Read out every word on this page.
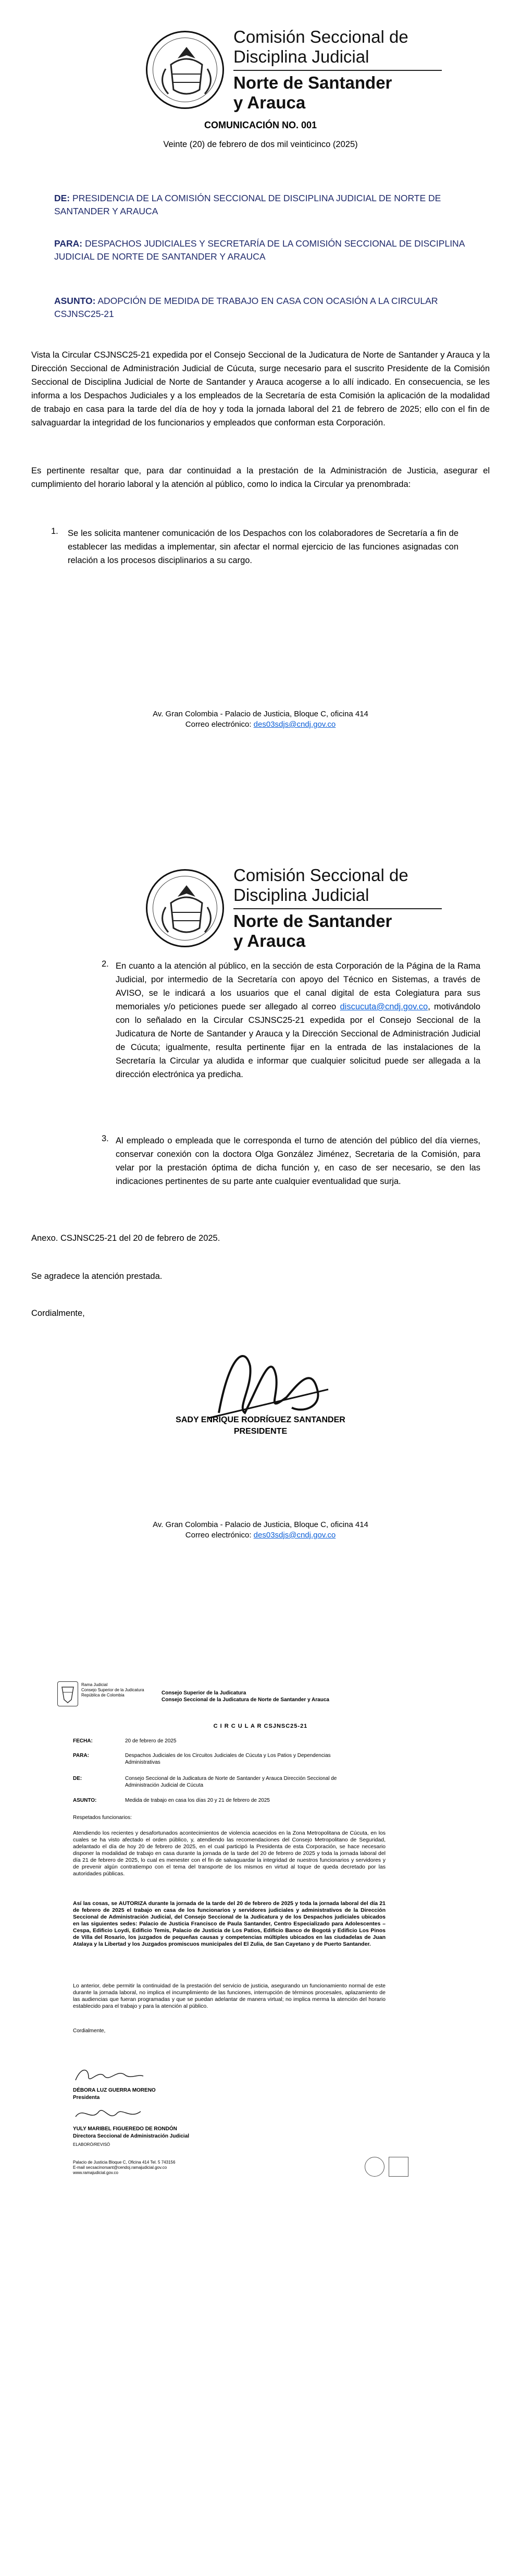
Comisión Seccional de
Disciplina Judicial
Norte de Santander
y Arauca
COMUNICACIÓN NO. 001
Veinte (20) de febrero de dos mil veinticinco (2025)
DE: PRESIDENCIA DE LA COMISIÓN SECCIONAL DE DISCIPLINA JUDICIAL DE NORTE DE SANTANDER Y ARAUCA
PARA: DESPACHOS JUDICIALES Y SECRETARÍA DE LA COMISIÓN SECCIONAL DE DISCIPLINA JUDICIAL DE NORTE DE SANTANDER Y ARAUCA
ASUNTO: ADOPCIÓN DE MEDIDA DE TRABAJO EN CASA CON OCASIÓN A LA CIRCULAR CSJNSC25-21
Vista la Circular CSJNSC25-21 expedida por el Consejo Seccional de la Judicatura de Norte de Santander y Arauca y la Dirección Seccional de Administración Judicial de Cúcuta, surge necesario para el suscrito Presidente de la Comisión Seccional de Disciplina Judicial de Norte de Santander y Arauca acogerse a lo allí indicado. En consecuencia, se les informa a los Despachos Judiciales y a los empleados de la Secretaría de esta Comisión la aplicación de la modalidad de trabajo en casa para la tarde del día de hoy y toda la jornada laboral del 21 de febrero de 2025; ello con el fin de salvaguardar la integridad de los funcionarios y empleados que conforman esta Corporación.
Es pertinente resaltar que, para dar continuidad a la prestación de la Administración de Justicia, asegurar el cumplimiento del horario laboral y la atención al público, como lo indica la Circular ya prenombrada:
1. Se les solicita mantener comunicación de los Despachos con los colaboradores de Secretaría a fin de establecer las medidas a implementar, sin afectar el normal ejercicio de las funciones asignadas con relación a los procesos disciplinarios a su cargo.
Av. Gran Colombia - Palacio de Justicia, Bloque C, oficina 414
Correo electrónico: des03sdjs@cndj.gov.co
Comisión Seccional de
Disciplina Judicial
Norte de Santander
y Arauca
2. En cuanto a la atención al público, en la sección de esta Corporación de la Página de la Rama Judicial, por intermedio de la Secretaría con apoyo del Técnico en Sistemas, a través de AVISO, se le indicará a los usuarios que el canal digital de esta Colegiatura para sus memoriales y/o peticiones puede ser allegado al correo discucuta@cndj.gov.co, motivándolo con lo señalado en la Circular CSJNSC25-21 expedida por el Consejo Seccional de la Judicatura de Norte de Santander y Arauca y la Dirección Seccional de Administración Judicial de Cúcuta; igualmente, resulta pertinente fijar en la entrada de las instalaciones de la Secretaría la Circular ya aludida e informar que cualquier solicitud puede ser allegada a la dirección electrónica ya predicha.
3. Al empleado o empleada que le corresponda el turno de atención del público del día viernes, conservar conexión con la doctora Olga González Jiménez, Secretaria de la Comisión, para velar por la prestación óptima de dicha función y, en caso de ser necesario, se den las indicaciones pertinentes de su parte ante cualquier eventualidad que surja.
Anexo. CSJNSC25-21 del 20 de febrero de 2025.
Se agradece la atención prestada.
Cordialmente,
SADY ENRIQUE RODRÍGUEZ SANTANDER
PRESIDENTE
Av. Gran Colombia - Palacio de Justicia, Bloque C, oficina 414
Correo electrónico: des03sdjs@cndj.gov.co
Rama Judicial
Consejo Superior de la Judicatura
República de Colombia	Consejo Superior de la Judicatura
Consejo Seccional de la Judicatura de Norte de Santander y Arauca
C I R C U L A R CSJNSC25-21
FECHA:	20 de febrero de 2025
PARA:	Despachos Judiciales de los Circuitos Judiciales de Cúcuta y Los Patios y Dependencias Administrativas
DE:	Consejo Seccional de la Judicatura de Norte de Santander y Arauca Dirección Seccional de Administración Judicial de Cúcuta
ASUNTO:	Medida de trabajo en casa los días 20 y 21 de febrero de 2025
Respetados funcionarios:
Atendiendo los recientes y desafortunados acontecimientos de violencia acaecidos en la Zona Metropolitana de Cúcuta, en los cuales se ha visto afectado el orden público, y, atendiendo las recomendaciones del Consejo Metropolitano de Seguridad, adelantado el día de hoy 20 de febrero de 2025, en el cual participó la Presidenta de esta Corporación, se hace necesario disponer la modalidad de trabajo en casa durante la jornada de la tarde del 20 de febrero de 2025 y toda la jornada laboral del día 21 de febrero de 2025, lo cual es menester con el fin de salvaguardar la integridad de nuestros funcionarios y servidores y de prevenir algún contratiempo con el tema del transporte de los mismos en virtud al toque de queda decretado por las autoridades públicas.
Así las cosas, se AUTORIZA durante la jornada de la tarde del 20 de febrero de 2025 y toda la jornada laboral del día 21 de febrero de 2025 el trabajo en casa de los funcionarios y servidores judiciales y administrativos de la Dirección Seccional de Administración Judicial, del Consejo Seccional de la Judicatura y de los Despachos judiciales ubicados en las siguientes sedes: Palacio de Justicia Francisco de Paula Santander, Centro Especializado para Adolescentes – Cespa, Edificio Loydi, Edificio Temis, Palacio de Justicia de Los Patios, Edificio Banco de Bogotá y Edificio Los Pinos de Villa del Rosario, los juzgados de pequeñas causas y competencias múltiples ubicados en las ciudadelas de Juan Atalaya y la Libertad y los Juzgados promiscuos municipales del El Zulia, de San Cayetano y de Puerto Santander.
Lo anterior, debe permitir la continuidad de la prestación del servicio de justicia, asegurando un funcionamiento normal de este durante la jornada laboral, no implica el incumplimiento de las funciones, interrupción de términos procesales, aplazamiento de las audiencias que fueran programadas y que se puedan adelantar de manera virtual; no implica merma la atención del horario establecido para el trabajo y para la atención al público.
Cordialmente,
DÉBORA LUZ GUERRA MORENO
Presidenta
YULY MARIBEL FIGUEREDO DE RONDÓN
Directora Seccional de Administración Judicial
ELABORÓ/REVISÓ
Palacio de Justicia Bloque C, Oficina 414 Tel. 5 743156
E-mail secsacinorsant@cendoj.ramajudicial.gov.co
www.ramajudicial.gov.co
